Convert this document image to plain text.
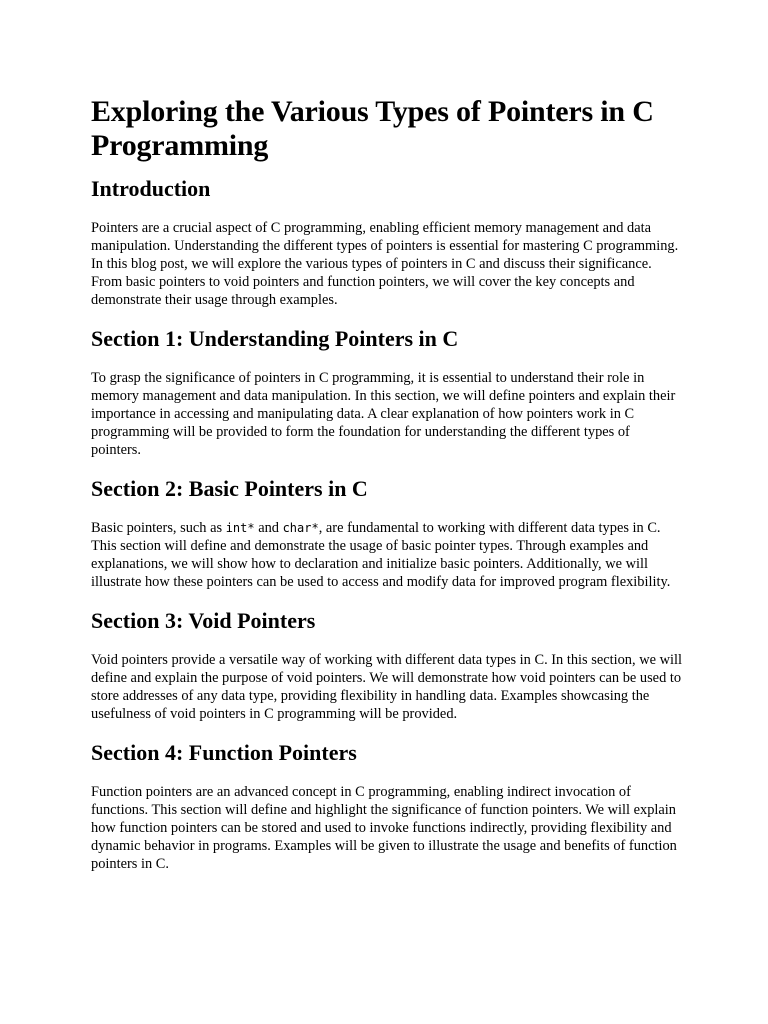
Exploring the Various Types of Pointers in C Programming
Introduction

Pointers are a crucial aspect of C programming, enabling efficient memory management and data manipulation. Understanding the different types of pointers is essential for mastering C programming. In this blog post, we will explore the various types of pointers in C and discuss their significance. From basic pointers to void pointers and function pointers, we will cover the key concepts and demonstrate their usage through examples.

Section 1: Understanding Pointers in C

To grasp the significance of pointers in C programming, it is essential to understand their role in memory management and data manipulation. In this section, we will define pointers and explain their importance in accessing and manipulating data. A clear explanation of how pointers work in C programming will be provided to form the foundation for understanding the different types of pointers.

Section 2: Basic Pointers in C

Basic pointers, such as int* and char*, are fundamental to working with different data types in C. This section will define and demonstrate the usage of basic pointer types. Through examples and explanations, we will show how to declaration and initialize basic pointers. Additionally, we will illustrate how these pointers can be used to access and modify data for improved program flexibility.

Section 3: Void Pointers

Void pointers provide a versatile way of working with different data types in C. In this section, we will define and explain the purpose of void pointers. We will demonstrate how void pointers can be used to store addresses of any data type, providing flexibility in handling data. Examples showcasing the usefulness of void pointers in C programming will be provided.

Section 4: Function Pointers

Function pointers are an advanced concept in C programming, enabling indirect invocation of functions. This section will define and highlight the significance of function pointers. We will explain how function pointers can be stored and used to invoke functions indirectly, providing flexibility and dynamic behavior in programs. Examples will be given to illustrate the usage and benefits of function pointers in C.
